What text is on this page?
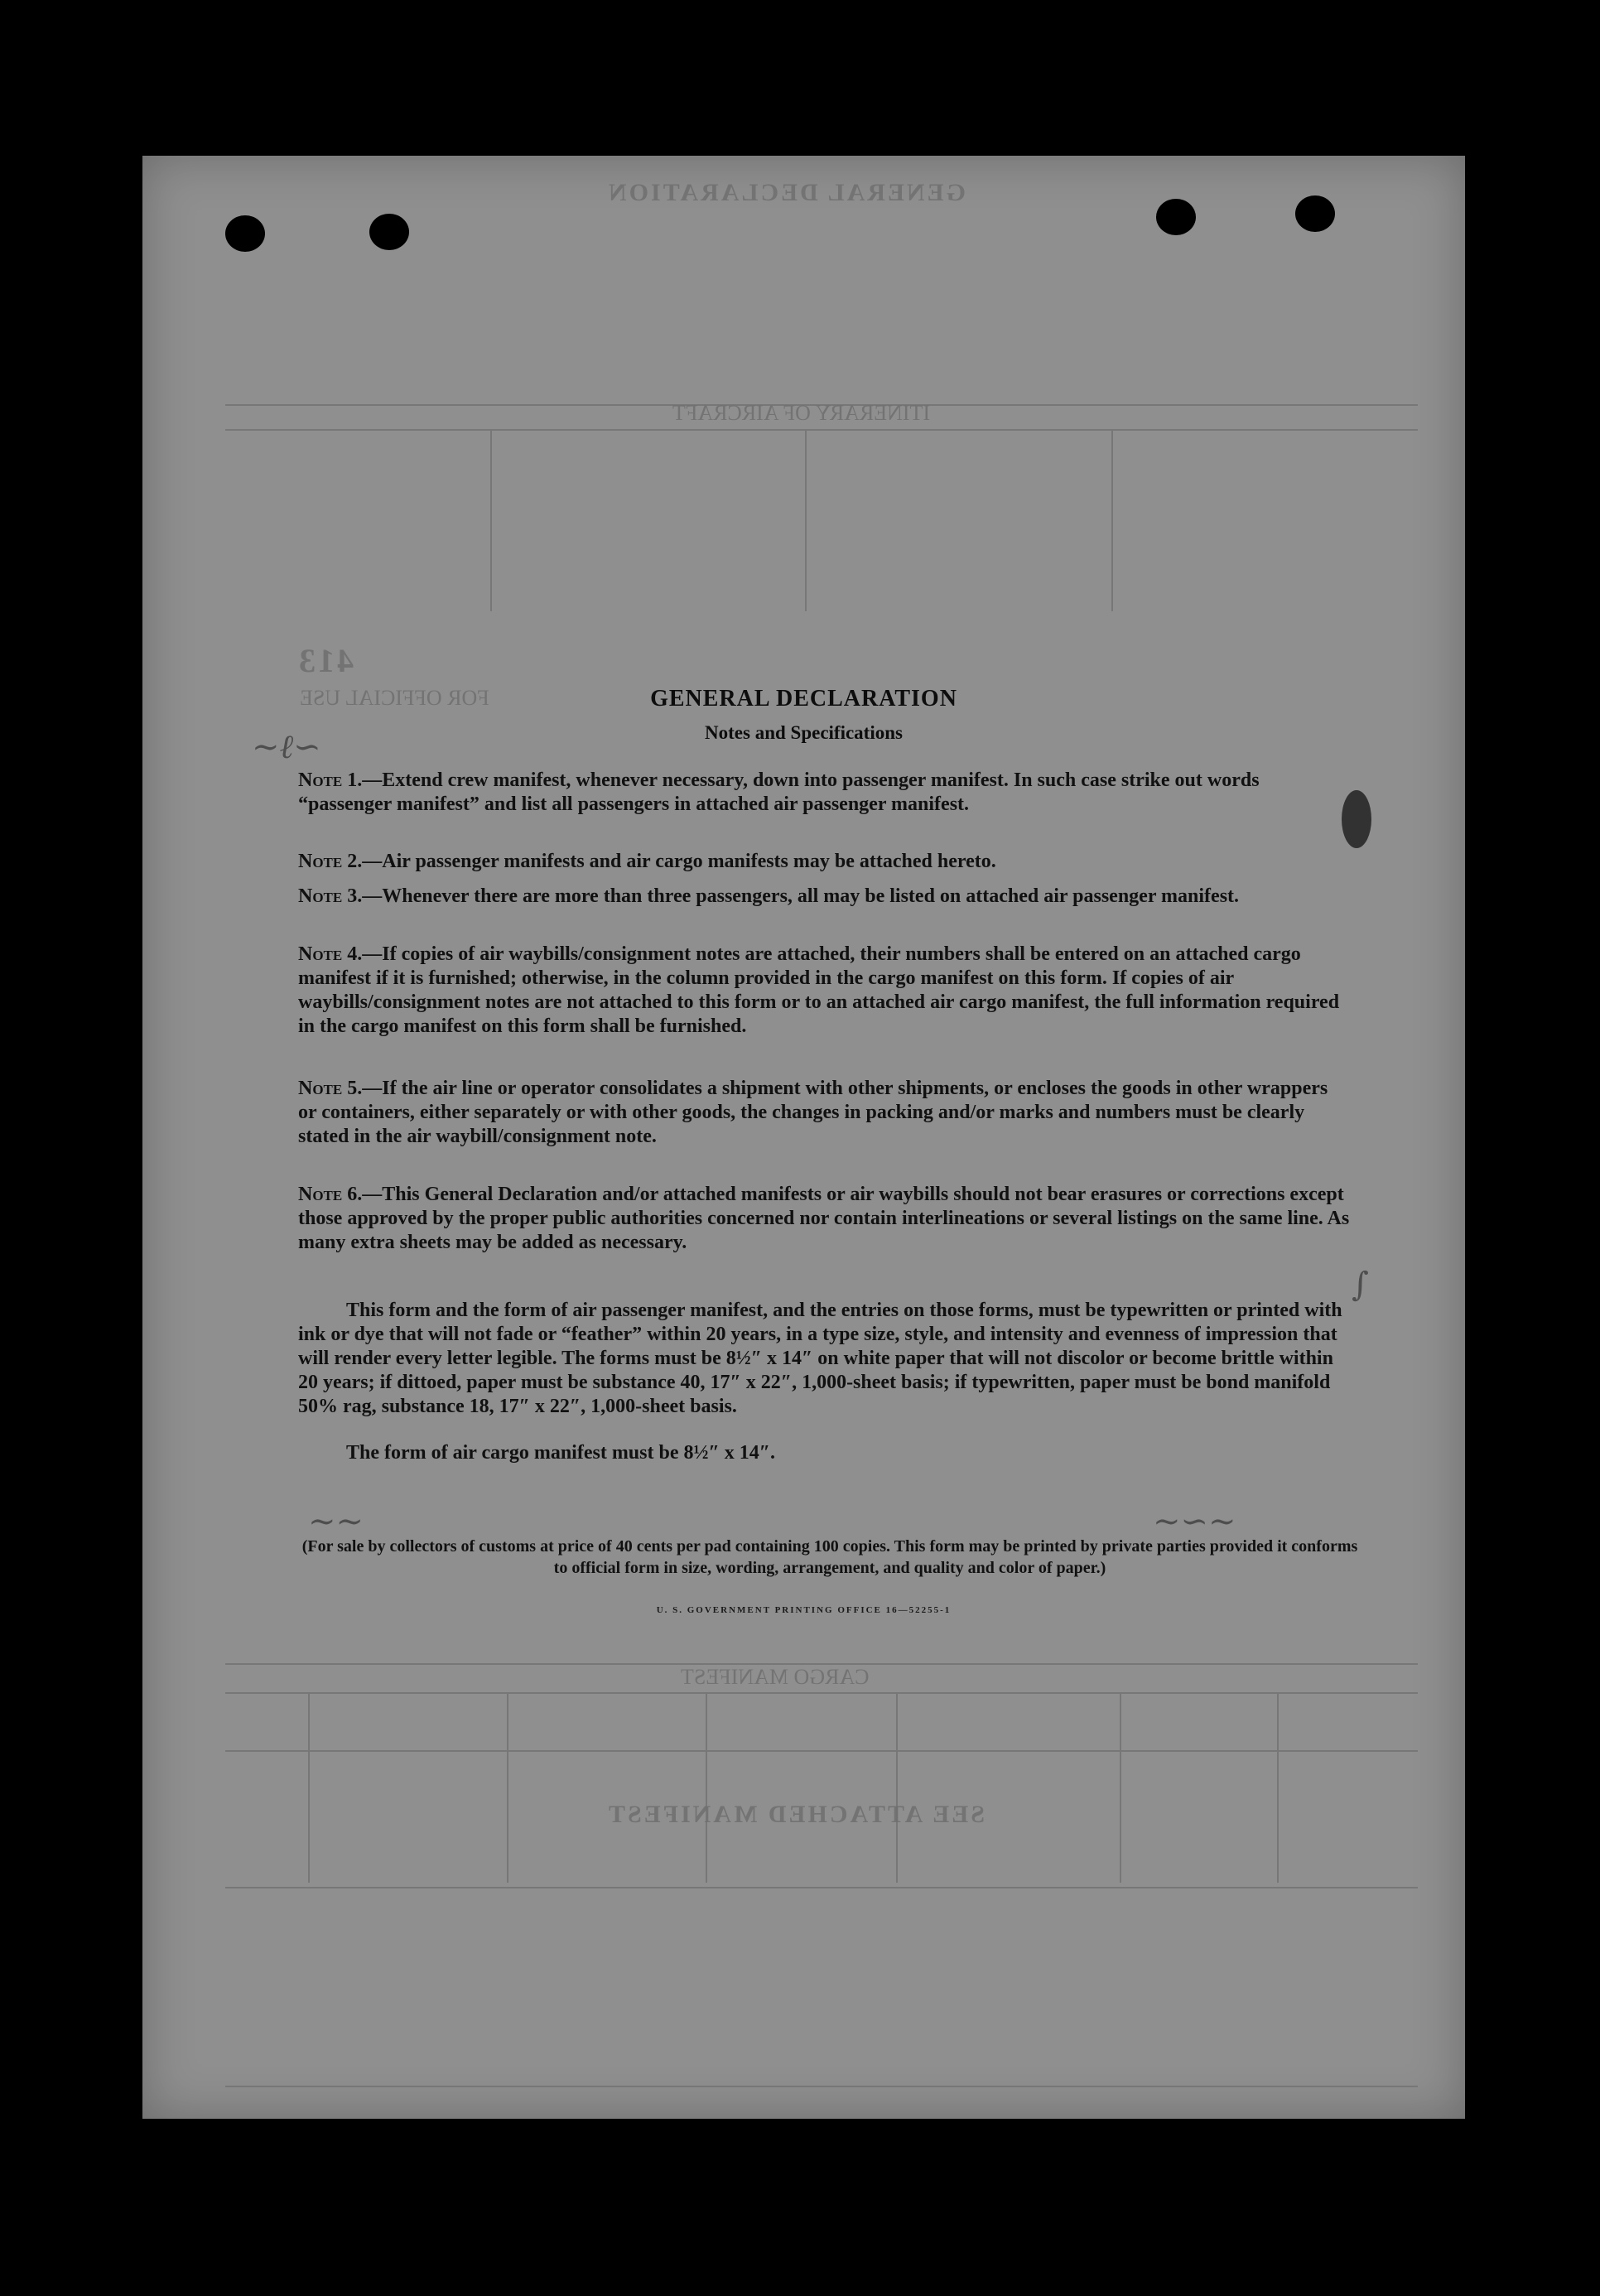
GENERAL DECLARATION
ITINERARY OF AIRCRAFT
413
FOR OFFICIAL USE
CARGO MANIFEST
SEE ATTACHED MANIFEST
∼ℓ∽
∫
∼∽∼
∼∼
GENERAL DECLARATION
Notes and Specifications
Note 1.—Extend crew manifest, whenever necessary, down into passenger manifest. In such case strike out words “passenger manifest” and list all passengers in attached air passenger manifest.
Note 2.—Air passenger manifests and air cargo manifests may be attached hereto.
Note 3.—Whenever there are more than three passengers, all may be listed on attached air passenger manifest.
Note 4.—If copies of air waybills/consignment notes are attached, their numbers shall be entered on an attached cargo manifest if it is furnished; otherwise, in the column provided in the cargo manifest on this form. If copies of air waybills/consignment notes are not attached to this form or to an attached air cargo manifest, the full information required in the cargo manifest on this form shall be furnished.
Note 5.—If the air line or operator consolidates a shipment with other shipments, or encloses the goods in other wrappers or containers, either separately or with other goods, the changes in packing and/or marks and numbers must be clearly stated in the air waybill/consignment note.
Note 6.—This General Declaration and/or attached manifests or air waybills should not bear erasures or corrections except those approved by the proper public authorities concerned nor contain interlineations or several listings on the same line. As many extra sheets may be added as necessary.
This form and the form of air passenger manifest, and the entries on those forms, must be typewritten or printed with ink or dye that will not fade or “feather” within 20 years, in a type size, style, and intensity and evenness of impression that will render every letter legible. The forms must be 8½″ x 14″ on white paper that will not discolor or become brittle within 20 years; if dittoed, paper must be substance 40, 17″ x 22″, 1,000-sheet basis; if typewritten, paper must be bond manifold 50% rag, substance 18, 17″ x 22″, 1,000-sheet basis.
The form of air cargo manifest must be 8½″ x 14″.
(For sale by collectors of customs at price of 40 cents per pad containing 100 copies. This form may be printed by private parties provided it conforms to official form in size, wording, arrangement, and quality and color of paper.)
U. S. GOVERNMENT PRINTING OFFICE 16—52255-1
